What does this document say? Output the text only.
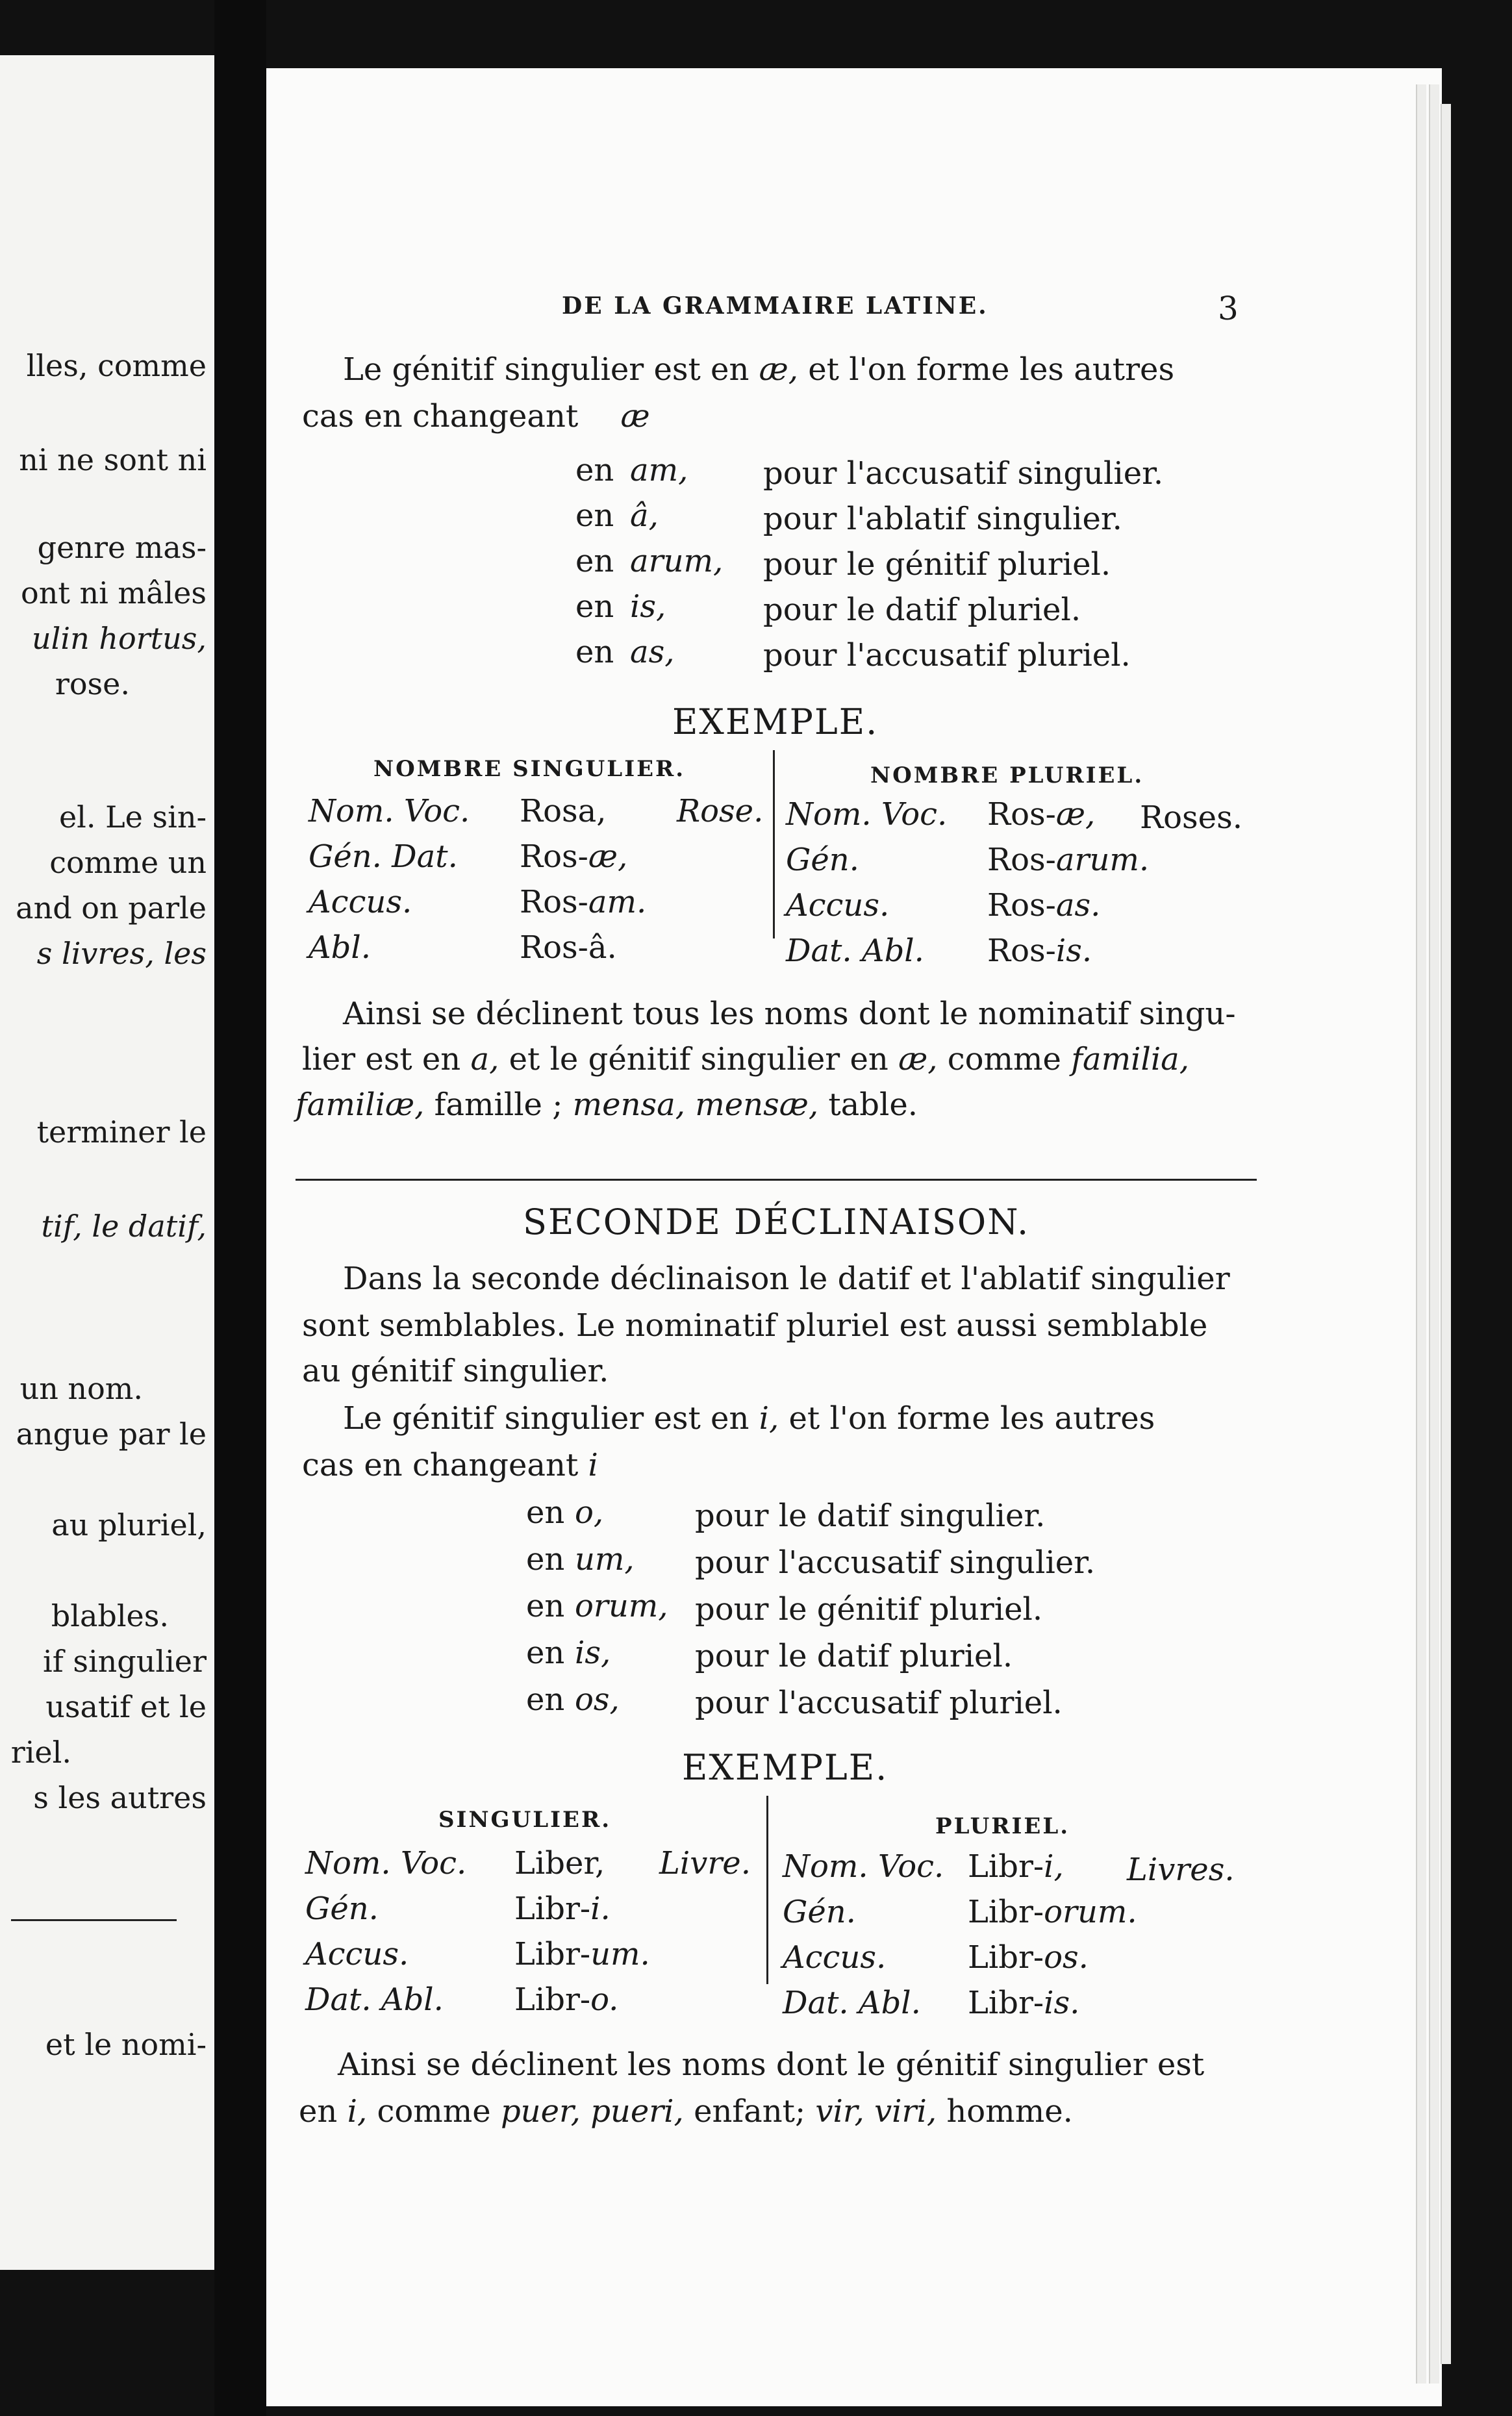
lles, comme
ni ne sont ni
genre mas-
ont ni mâles
ulin hortus,
rose.
el. Le sin-
comme un
and on parle
s livres, les
terminer le
tif, le datif,
un nom.
angue par le
au pluriel,
blables.
if singulier
usatif et le
riel.
s les autres
et le nomi-
DE LA GRAMMAIRE LATINE.	3
Le génitif singulier est en æ, et l'on forme les autres
cas en changeant æ
en am, pour l'accusatif singulier.
en â,	pour l'ablatif singulier.
en arum, pour le génitif pluriel.
en is,	pour le datif pluriel.
en as,	pour l'accusatif pluriel.
EXEMPLE.
NOMBRE SINGULIER.	NOMBRE PLURIEL.
Nom. Voc. Rosa, Rose.
Gén. Dat. Ros-æ,
Accus.	Ros-am.
Abl.	Ros-â.
Nom. Voc. Ros-æ, Roses.
Gén.	Ros-arum.
Accus.	Ros-as.
Dat. Abl. Ros-is.
Ainsi se déclinent tous les noms dont le nominatif singu-
lier est en a, et le génitif singulier en æ, comme familia,
familiæ, famille ; mensa, mensæ, table.
SECONDE DÉCLINAISON.
Dans la seconde déclinaison le datif et l'ablatif singulier
sont semblables. Le nominatif pluriel est aussi semblable
au génitif singulier.
Le génitif singulier est en i, et l'on forme les autres
cas en changeant i
en o,	pour le datif singulier.
en um, pour l'accusatif singulier.
en orum, pour le génitif pluriel.
en is,	pour le datif pluriel.
en os, pour l'accusatif pluriel.
EXEMPLE.
SINGULIER.	PLURIEL.
Nom. Voc. Liber, Livre.
Gén.	Libr-i.
Accus.	Libr-um.
Dat. Abl. Libr-o.
Nom. Voc. Libr-i, Livres.
Gén.	Libr-orum.
Accus.	Libr-os.
Dat. Abl. Libr-is.
Ainsi se déclinent les noms dont le génitif singulier est
en i, comme puer, pueri, enfant; vir, viri, homme.
